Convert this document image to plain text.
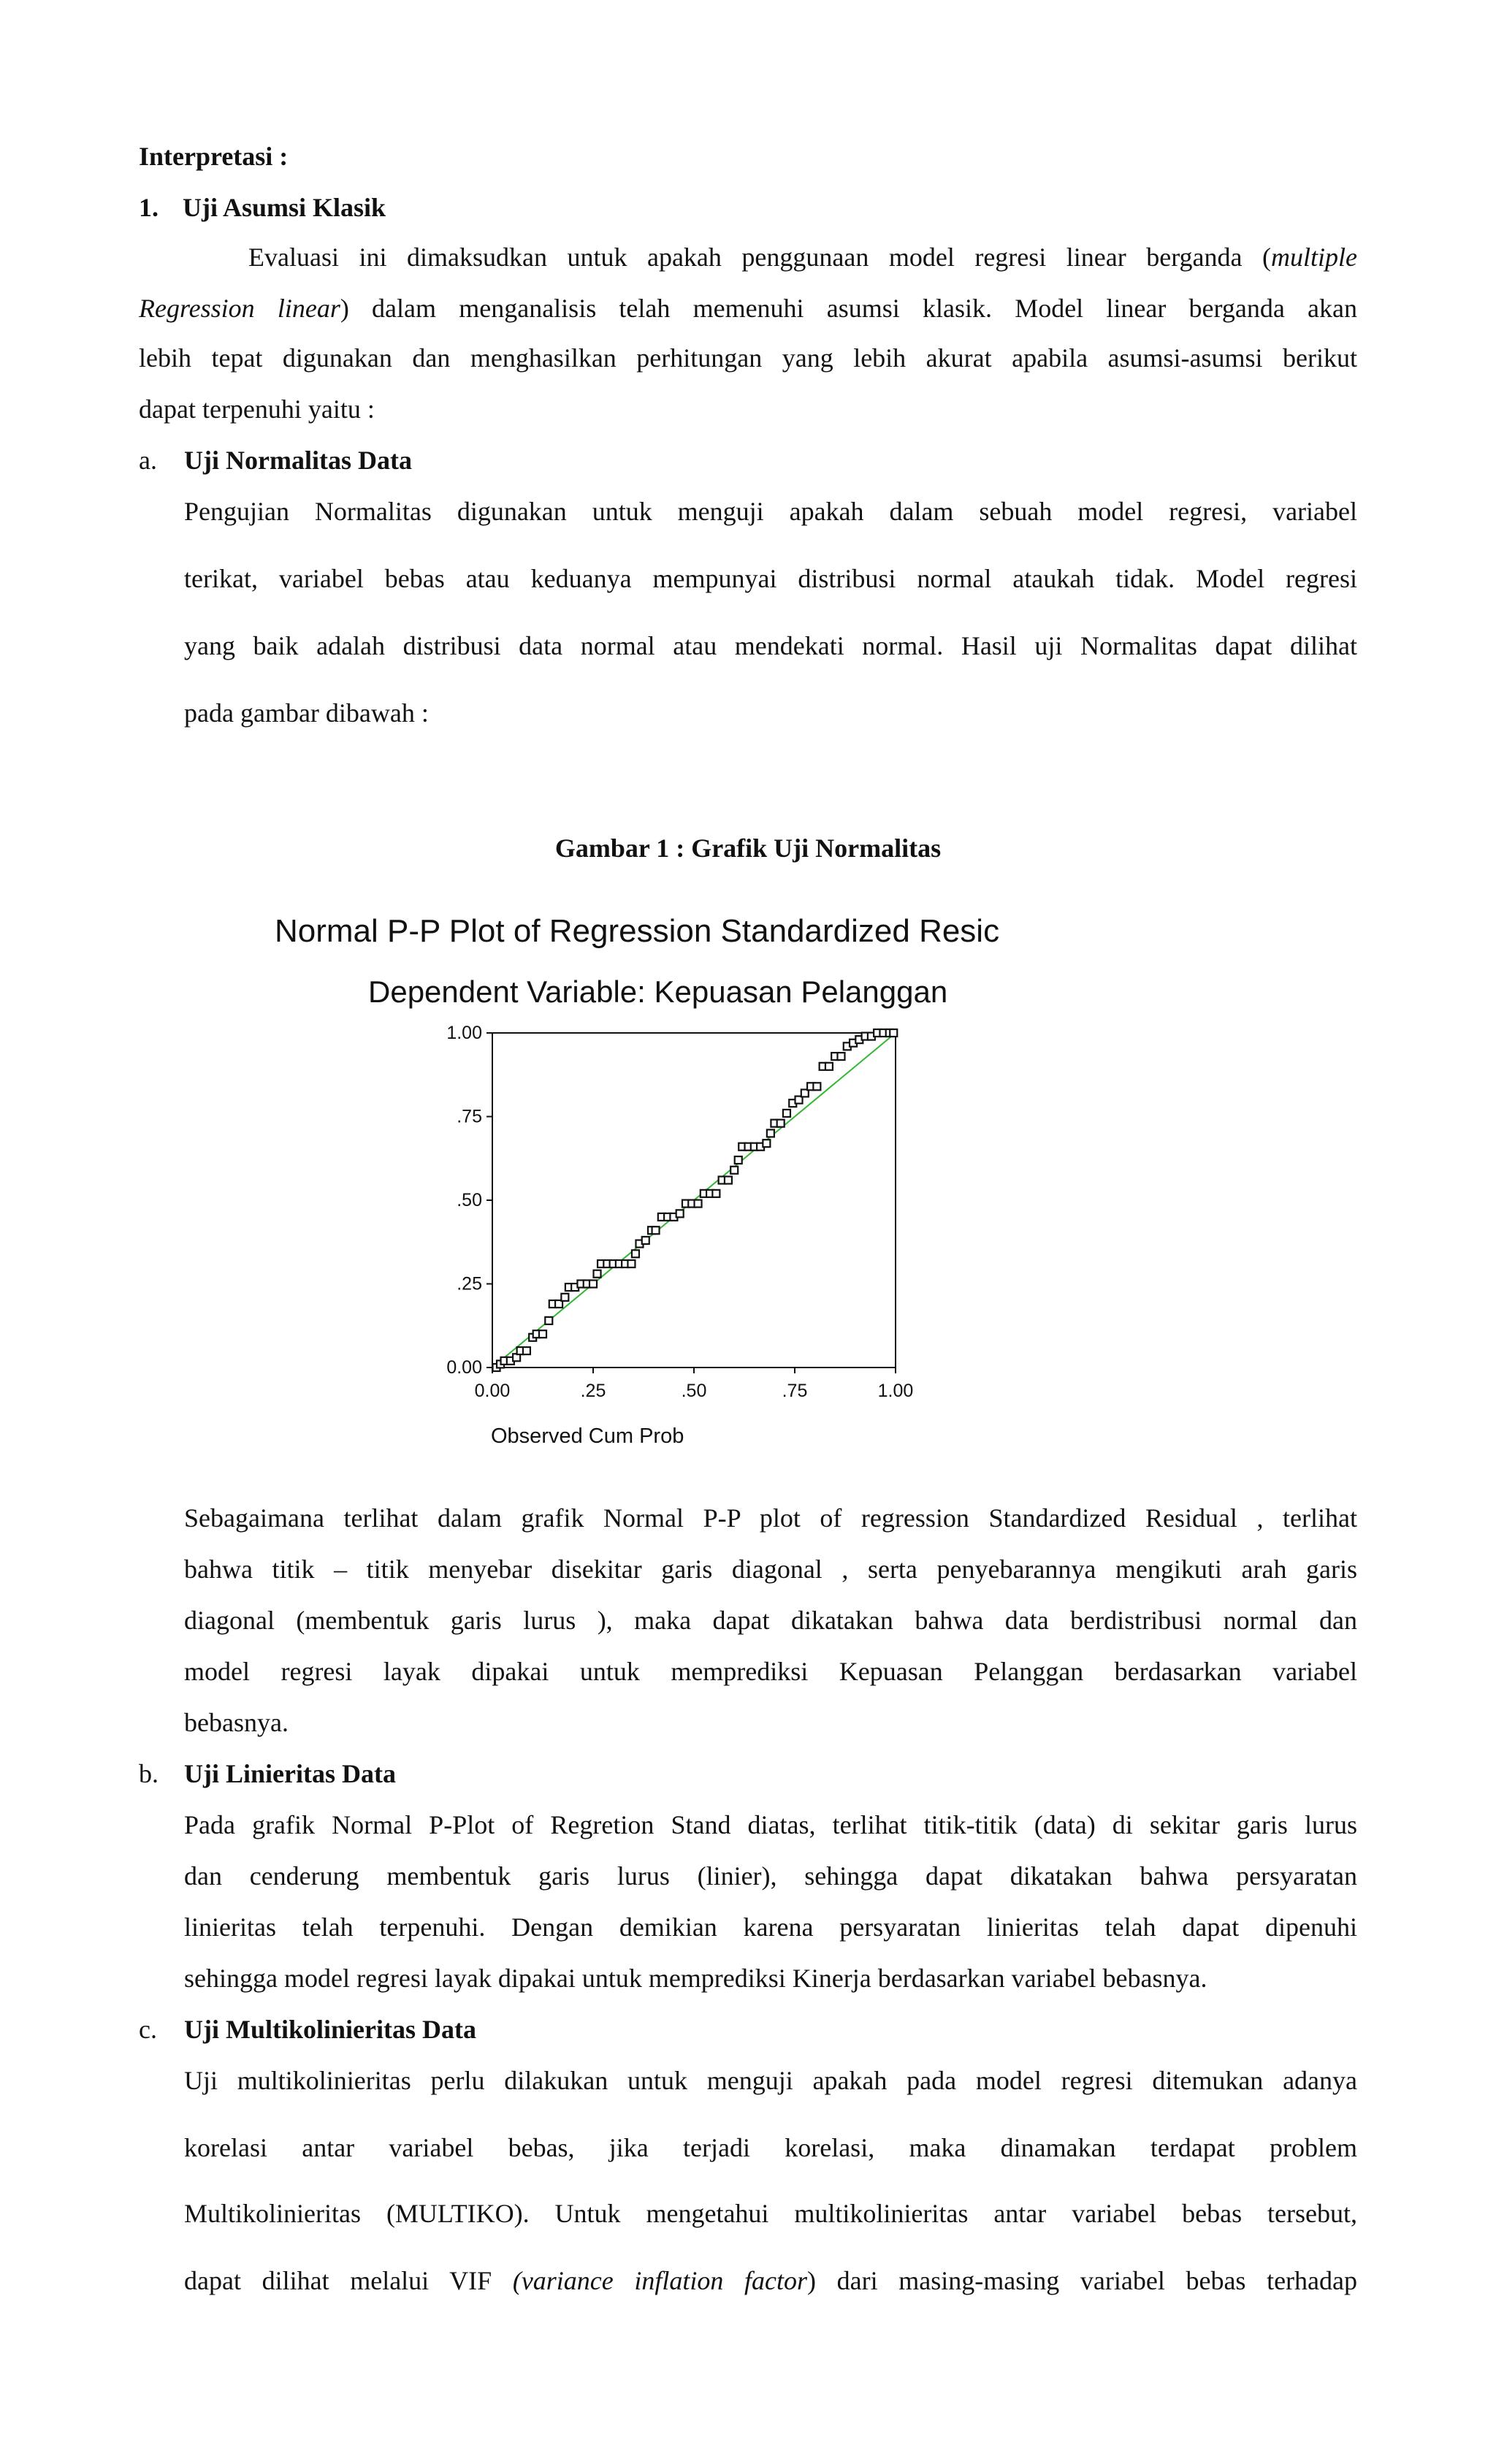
Interpretasi :
1. Uji Asumsi Klasik
Evaluasi ini dimaksudkan untuk apakah penggunaan model regresi linear berganda (multiple
Regression linear) dalam menganalisis telah memenuhi asumsi klasik. Model linear berganda akan
lebih tepat digunakan dan menghasilkan perhitungan yang lebih akurat apabila asumsi-asumsi berikut
dapat terpenuhi yaitu :
a. Uji Normalitas Data
Pengujian Normalitas digunakan untuk menguji apakah dalam sebuah model regresi, variabel
terikat, variabel bebas atau keduanya mempunyai distribusi normal ataukah tidak. Model regresi
yang baik adalah distribusi data normal atau mendekati normal. Hasil uji Normalitas dapat dilihat
pada gambar dibawah :
Gambar 1 : Grafik Uji Normalitas
Normal P-P Plot of Regression Standardized Resic
Dependent Variable: Kepuasan Pelanggan
0.00
0.00
.25
.25
.50
.50
.75
.75
1.00
1.00
Observed Cum Prob
Sebagaimana terlihat dalam grafik Normal P-P plot of regression Standardized Residual , terlihat
bahwa titik – titik menyebar disekitar garis diagonal , serta penyebarannya mengikuti arah garis
diagonal (membentuk garis lurus ), maka dapat dikatakan bahwa data berdistribusi normal dan
model regresi layak dipakai untuk memprediksi Kepuasan Pelanggan berdasarkan variabel
bebasnya.
b. Uji Linieritas Data
Pada grafik Normal P-Plot of Regretion Stand diatas, terlihat titik-titik (data) di sekitar garis lurus
dan cenderung membentuk garis lurus (linier), sehingga dapat dikatakan bahwa persyaratan
linieritas telah terpenuhi. Dengan demikian karena persyaratan linieritas telah dapat dipenuhi
sehingga model regresi layak dipakai untuk memprediksi Kinerja berdasarkan variabel bebasnya.
c. Uji Multikolinieritas Data
Uji multikolinieritas perlu dilakukan untuk menguji apakah pada model regresi ditemukan adanya
korelasi antar variabel bebas, jika terjadi korelasi, maka dinamakan terdapat problem
Multikolinieritas (MULTIKO). Untuk mengetahui multikolinieritas antar variabel bebas tersebut,
dapat dilihat melalui VIF (variance inflation factor) dari masing-masing variabel bebas terhadap
